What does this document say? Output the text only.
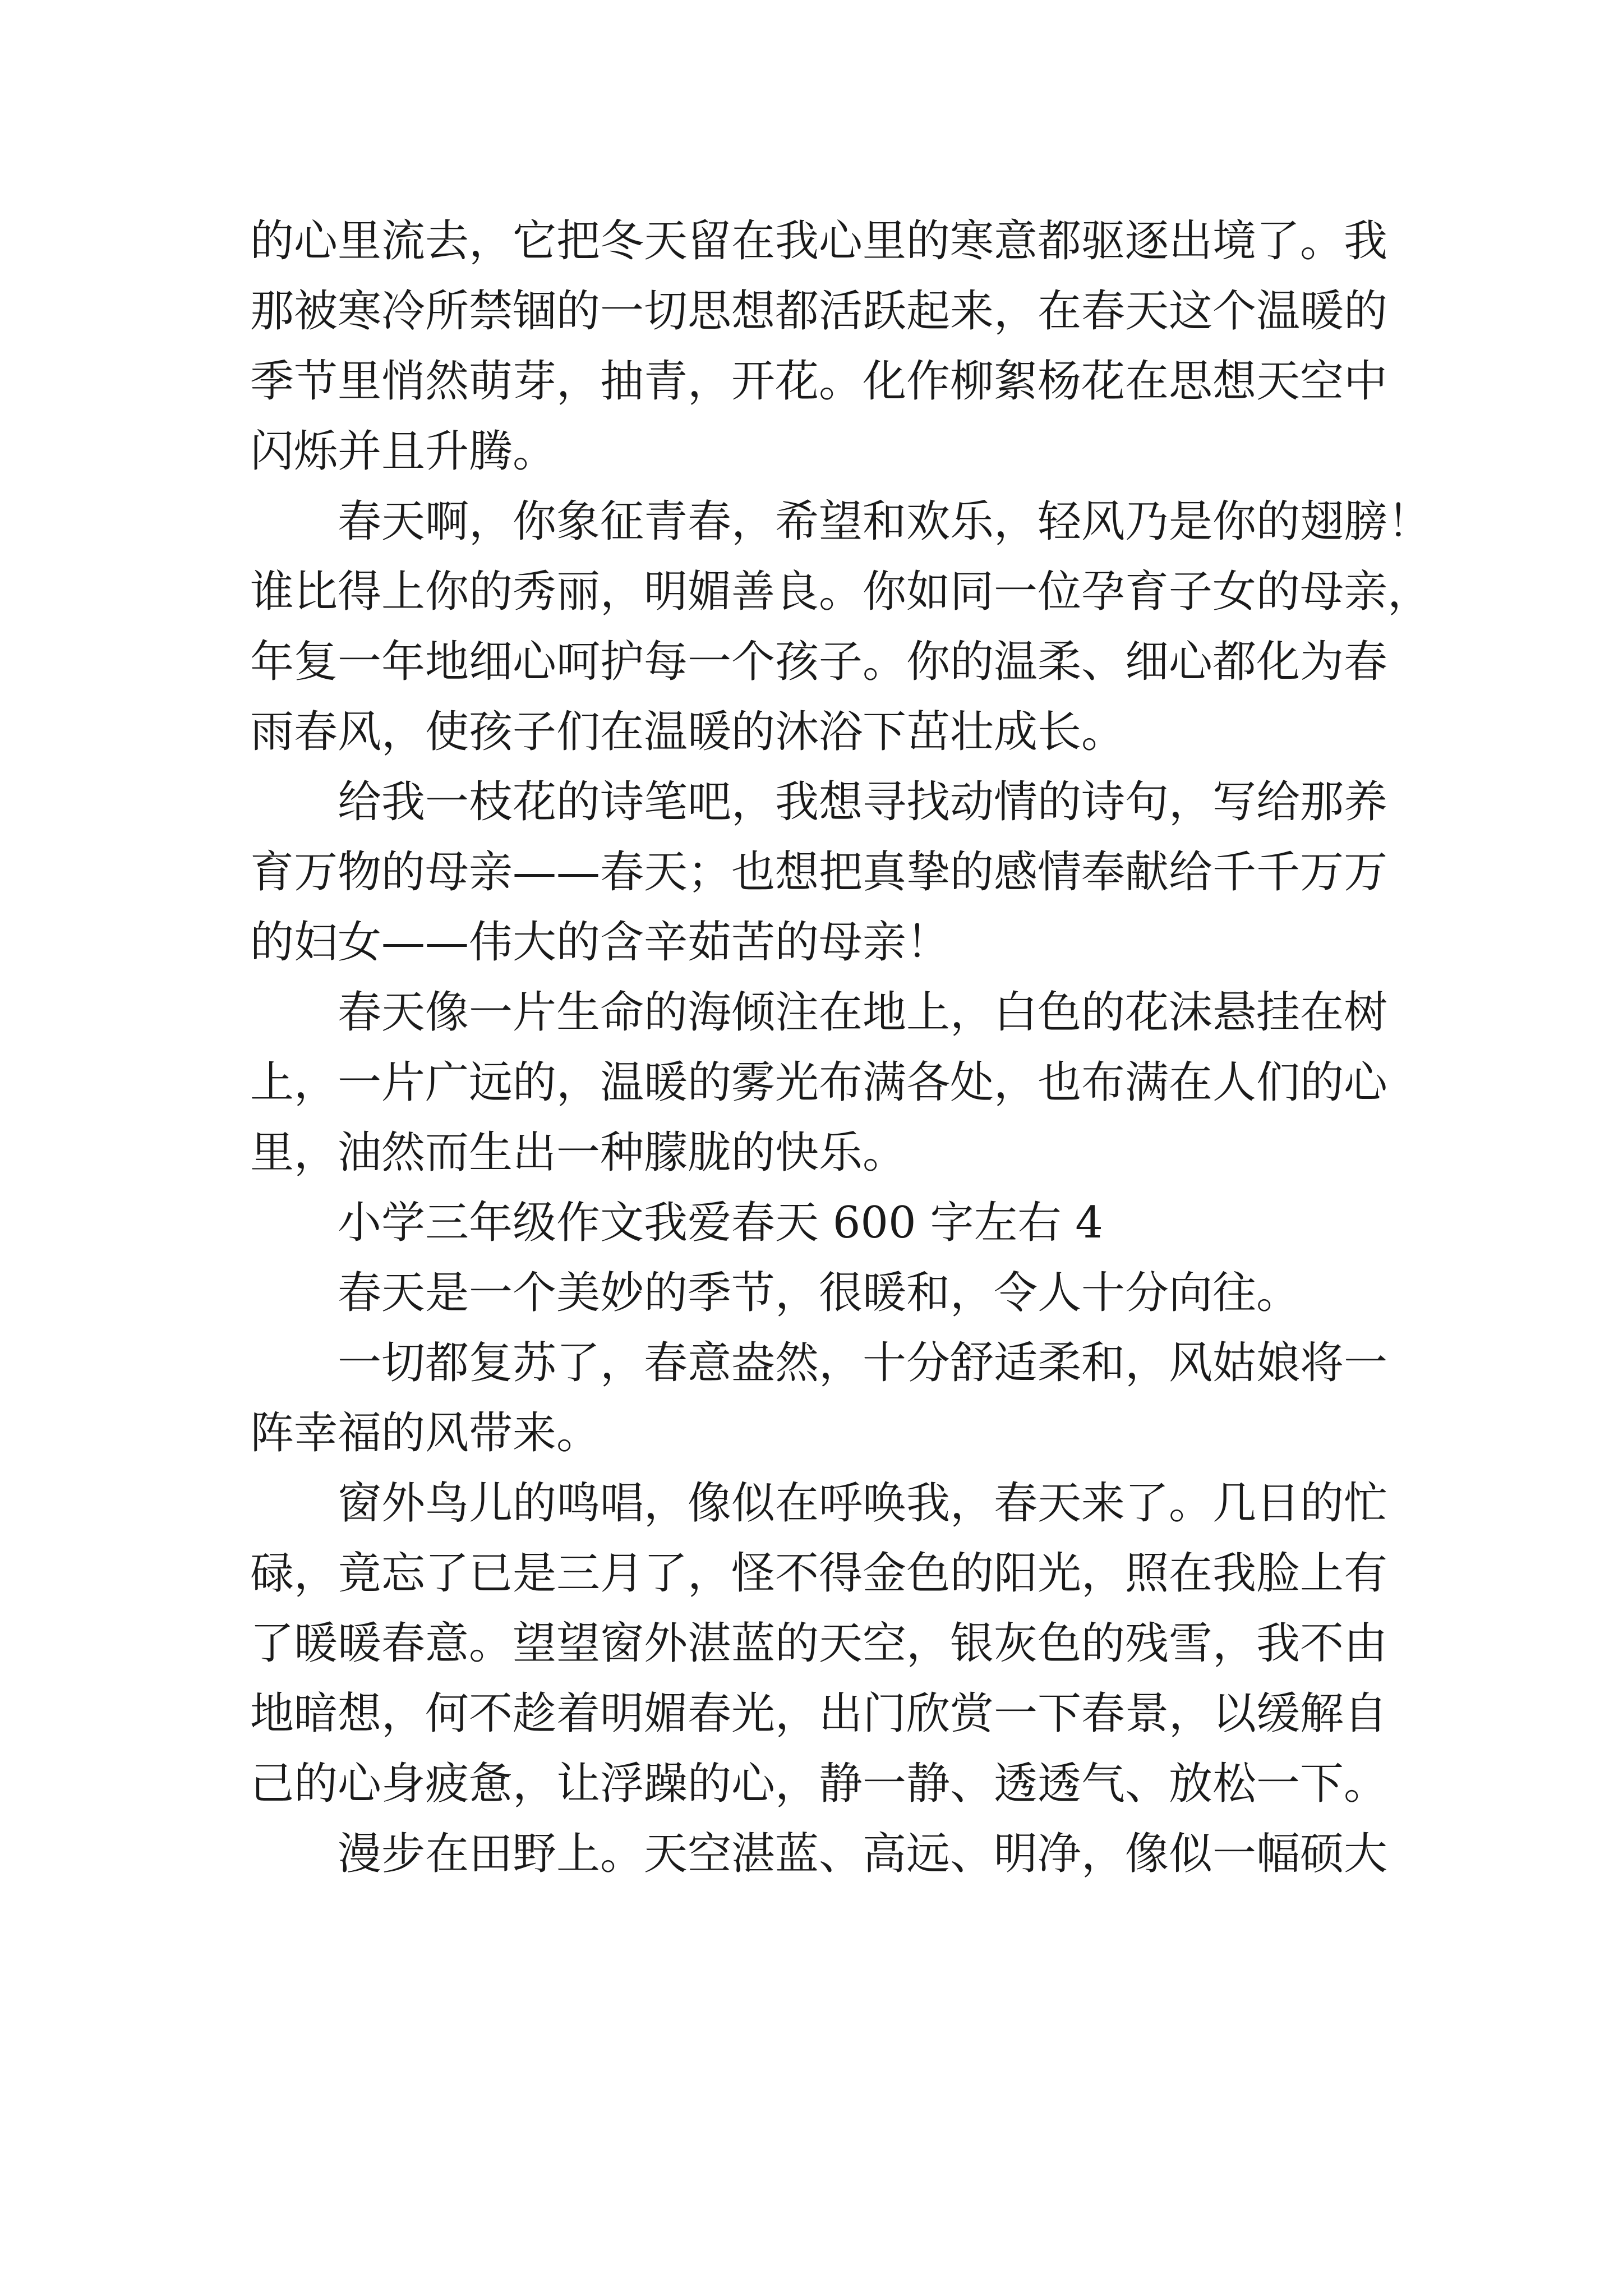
的心里流去，它把冬天留在我心里的寒意都驱逐出境了。我

那被寒冷所禁锢的一切思想都活跃起来，在春天这个温暖的

季节里悄然萌芽，抽青，开花。化作柳絮杨花在思想天空中

闪烁并且升腾。

春天啊，你象征青春，希望和欢乐，轻风乃是你的翅膀！

谁比得上你的秀丽，明媚善良。你如同一位孕育子女的母亲，

年复一年地细心呵护每一个孩子。你的温柔、细心都化为春

雨春风，使孩子们在温暖的沐浴下茁壮成长。

给我一枝花的诗笔吧，我想寻找动情的诗句，写给那养

育万物的母亲——春天；也想把真挚的感情奉献给千千万万

的妇女——伟大的含辛茹苦的母亲！

春天像一片生命的海倾注在地上，白色的花沫悬挂在树

上，一片广远的，温暖的雾光布满各处，也布满在人们的心

里，油然而生出一种朦胧的快乐。

小学三年级作文我爱春天 600 字左右 4

春天是一个美妙的季节，很暖和，令人十分向往。

一切都复苏了，春意盎然，十分舒适柔和，风姑娘将一

阵幸福的风带来。

窗外鸟儿的鸣唱，像似在呼唤我，春天来了。几日的忙

碌，竟忘了已是三月了，怪不得金色的阳光，照在我脸上有

了暖暖春意。望望窗外湛蓝的天空，银灰色的残雪，我不由

地暗想，何不趁着明媚春光，出门欣赏一下春景，以缓解自

己的心身疲惫，让浮躁的心，静一静、透透气、放松一下。

漫步在田野上。天空湛蓝、高远、明净，像似一幅硕大
